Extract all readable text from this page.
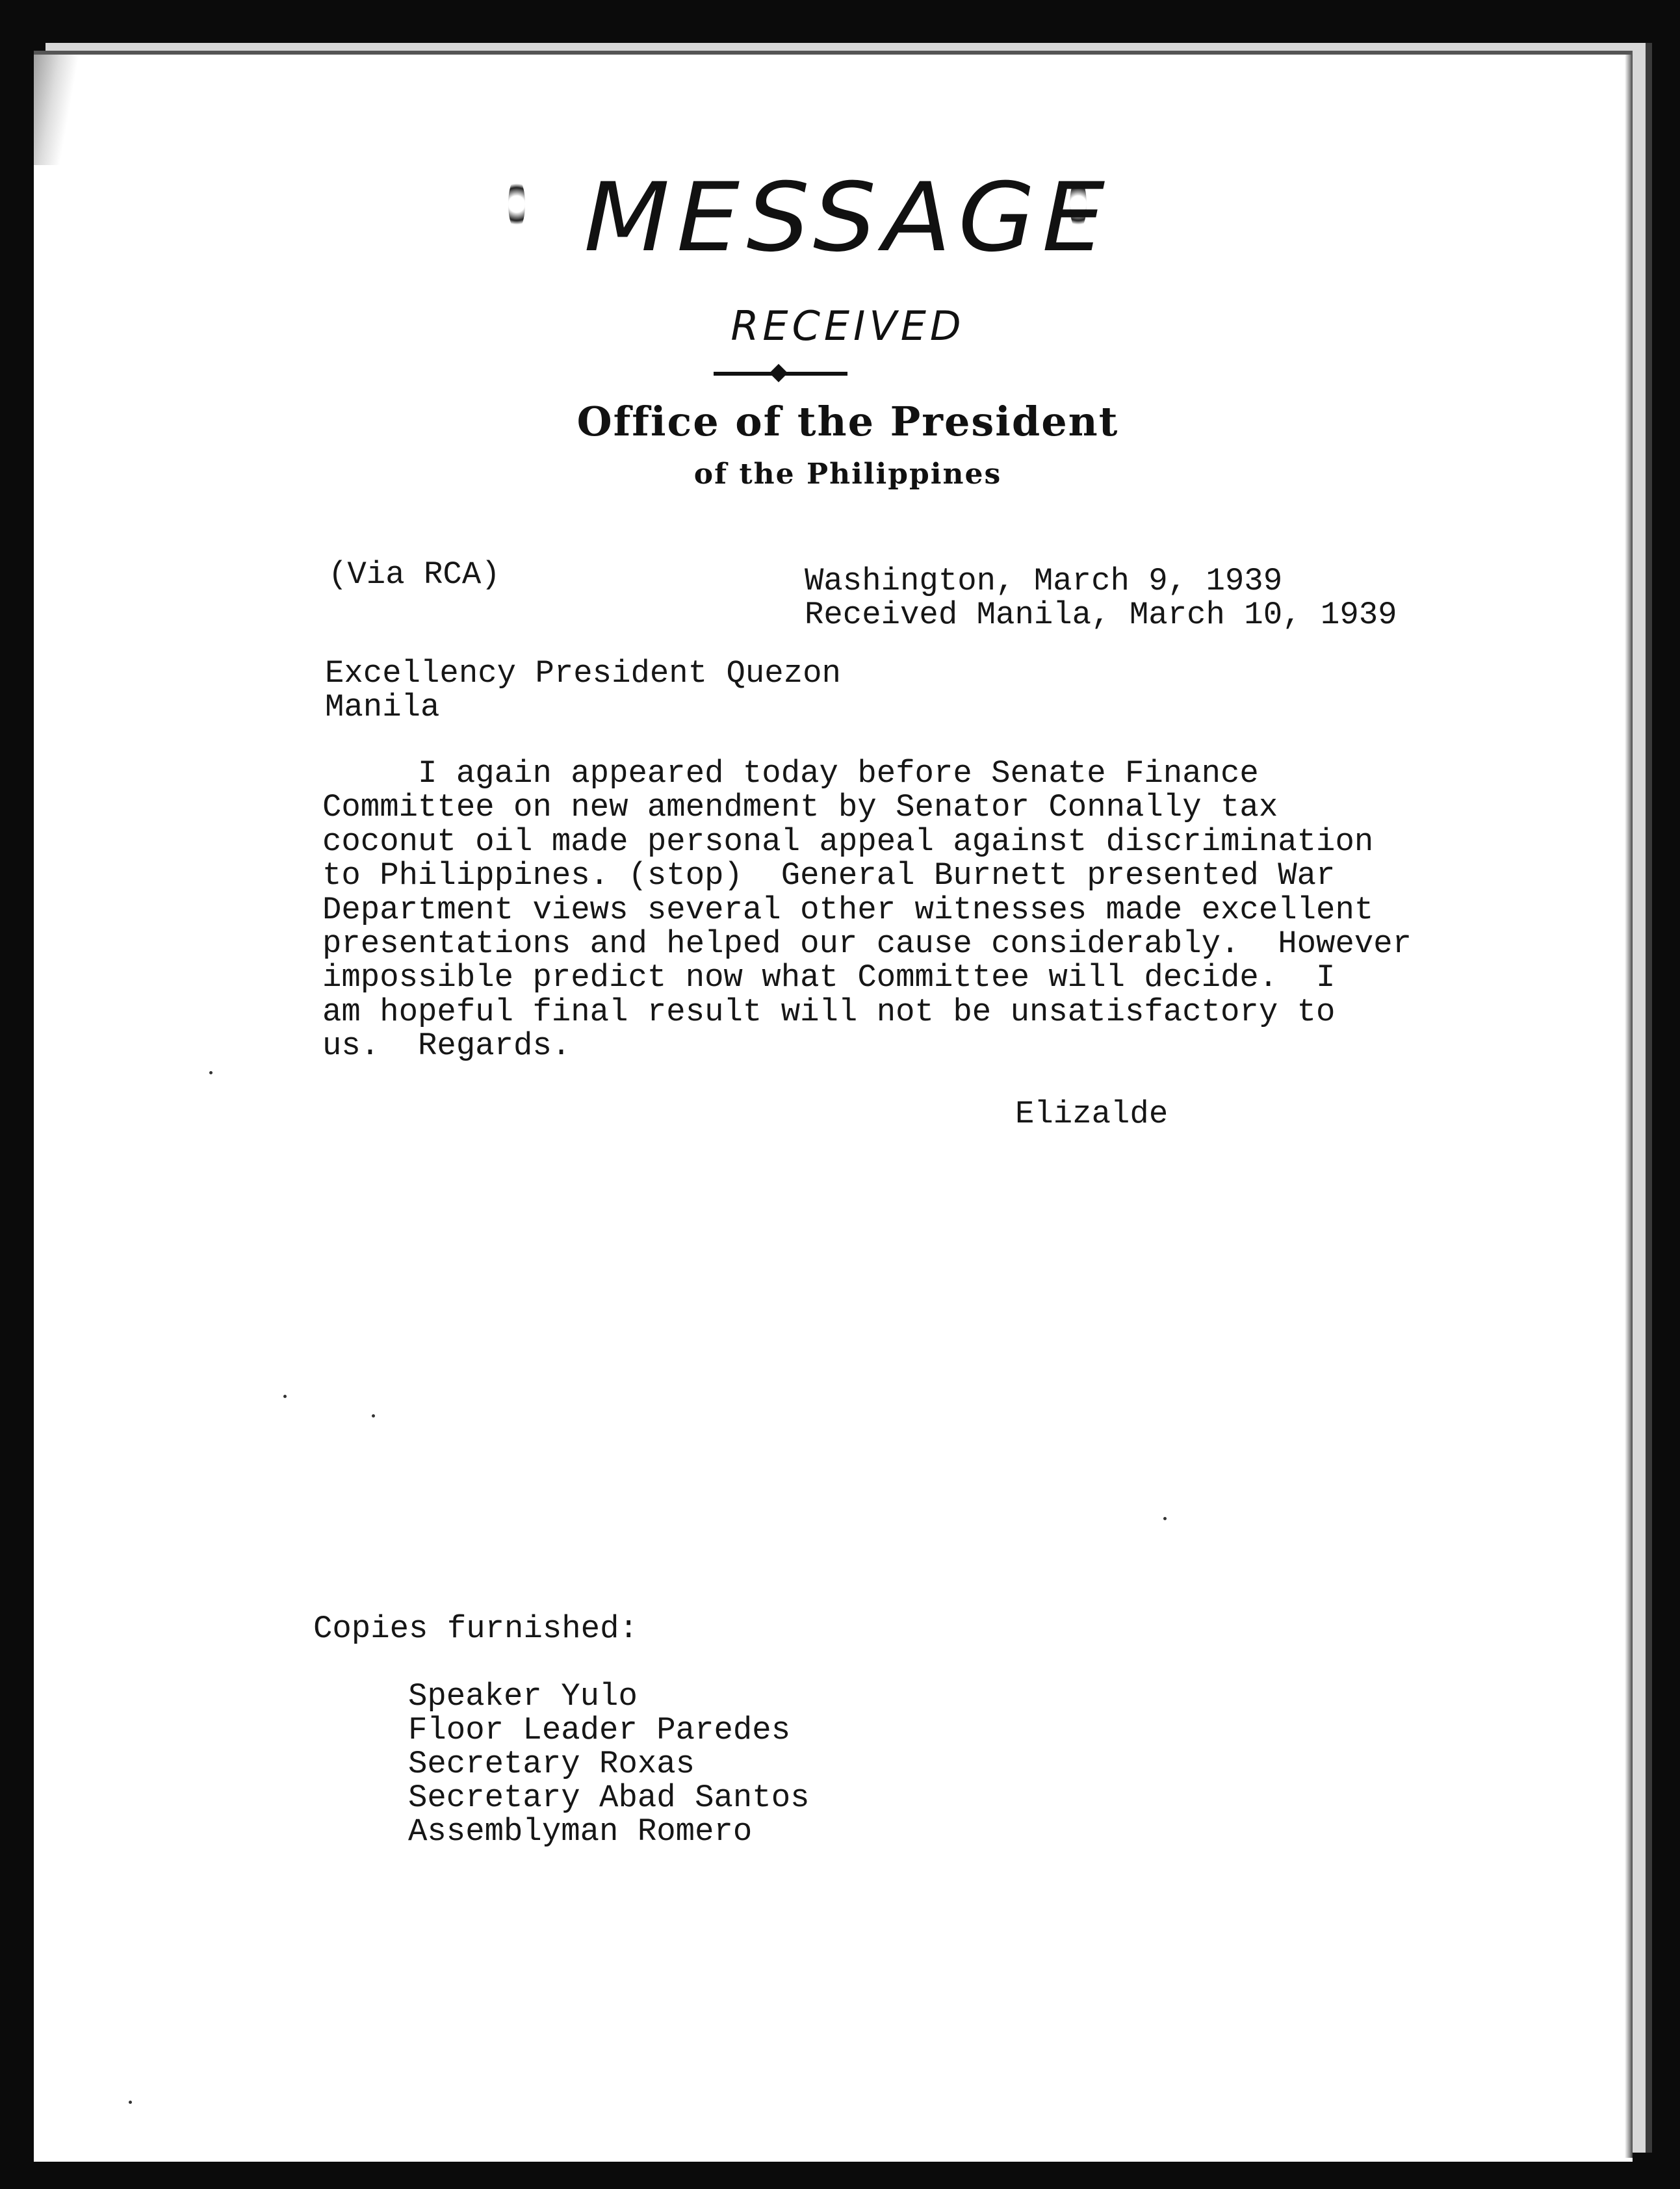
MESSAGE
RECEIVED
Office of the President
of the Philippines
(Via RCA)	Washington, March 9, 1939
Received Manila, March 10, 1939
Excellency President Quezon
Manila
I again appeared today before Senate Finance
Committee on new amendment by Senator Connally tax
coconut oil made personal appeal against discrimination
to Philippines. (stop)  General Burnett presented War
Department views several other witnesses made excellent
presentations and helped our cause considerably.  However
impossible predict now what Committee will decide.  I
am hopeful final result will not be unsatisfactory to
us.  Regards.
Elizalde
Copies furnished:
Speaker Yulo
Floor Leader Paredes
Secretary Roxas
Secretary Abad Santos
Assemblyman Romero
